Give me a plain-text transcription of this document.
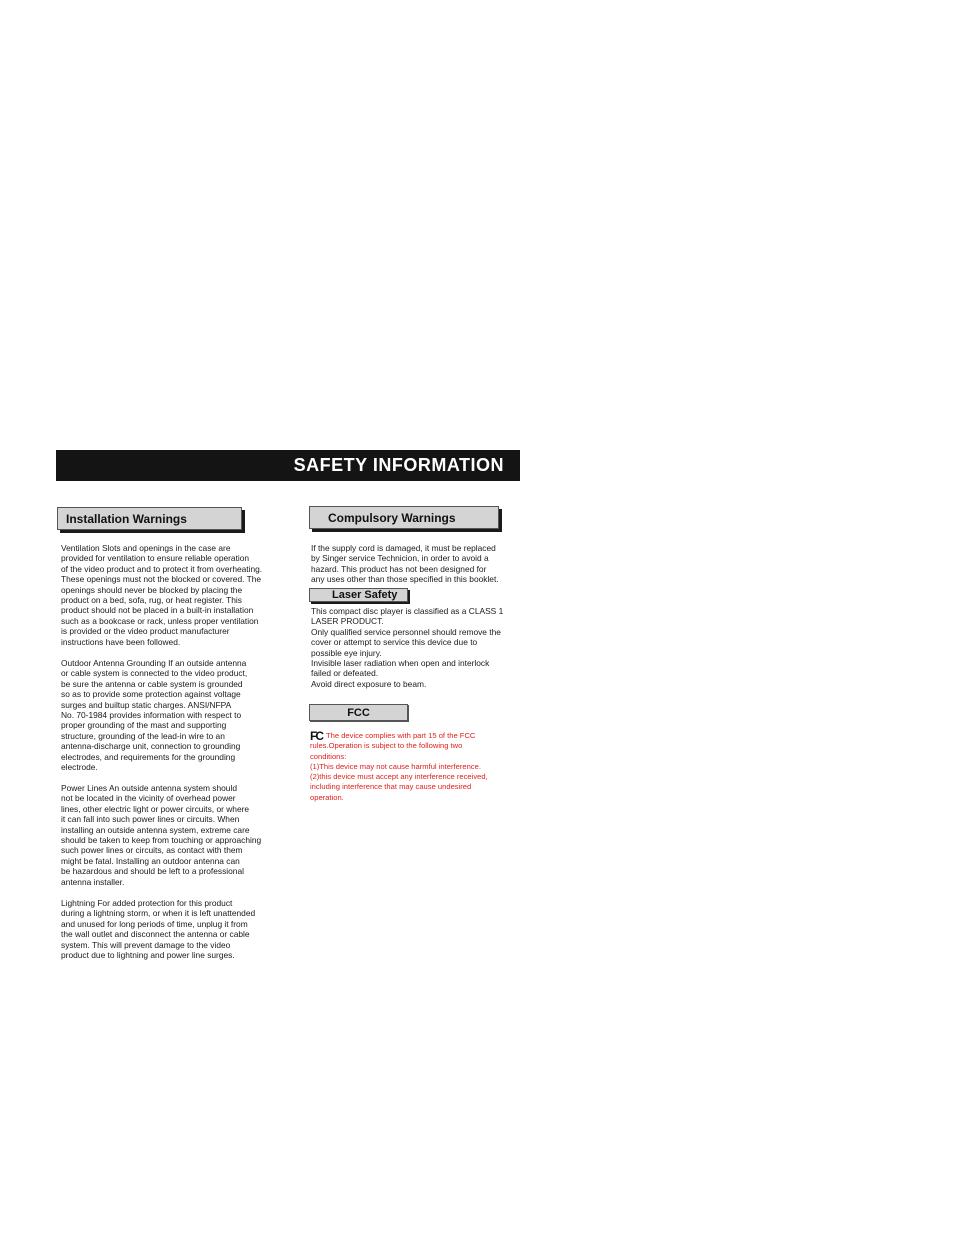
SAFETY INFORMATION
Installation Warnings

Ventilation Slots and openings in the case are
provided for ventilation to ensure reliable operation
of the video product and to protect it from overheating.
These openings must not the blocked or covered. The
openings should never be blocked by placing the
product on a bed, sofa, rug, or heat register. This
product should not be placed in a built-in installation
such as a bookcase or rack, unless proper ventilation
is provided or the video product manufacturer
instructions have been followed.

Outdoor Antenna Grounding If an outside antenna
or cable system is connected to the video product,
be sure the antenna or cable system is grounded
so as to provide some protection against voltage
surges and builtup static charges. ANSI/NFPA
No. 70-1984 provides information with respect to
proper grounding of the mast and supporting
structure, grounding of the lead-in wire to an
antenna-discharge unit, connection to grounding
electrodes, and requirements for the grounding
electrode.

Power Lines An outside antenna system should
not be located in the vicinity of overhead power
lines, other electric light or power circuits, or where
it can fall into such power lines or circuits. When
installing an outside antenna system, extreme care
should be taken to keep from touching or approaching
such power lines or circuits, as contact with them
might be fatal. Installing an outdoor antenna can
be hazardous and should be left to a professional
antenna installer.

Lightning For added protection for this product
during a lightning storm, or when it is left unattended
and unused for long periods of time, unplug it from
the wall outlet and disconnect the antenna or cable
system. This will prevent damage to the video
product due to lightning and power line surges.

Compulsory Warnings

If the supply cord is damaged, it must be replaced
by Singer service Technicion, in order to avoid a
hazard. This product has not been designed for
any uses other than those specified in this booklet.

Laser Safety

This compact disc player is classified as a CLASS 1
LASER PRODUCT.
Only qualified service personnel should remove the
cover or attempt to service this device due to
possible eye injury.
Invisible laser radiation when open and interlock
failed or defeated.
Avoid direct exposure to beam.

FCC
FC The device complies with part 15 of the FCC
rules.Operation is subject to the following two
conditions:
(1)This device may not cause harmful interference.
(2)this device must accept any interference received,
including interference that may cause undesired
operation.
